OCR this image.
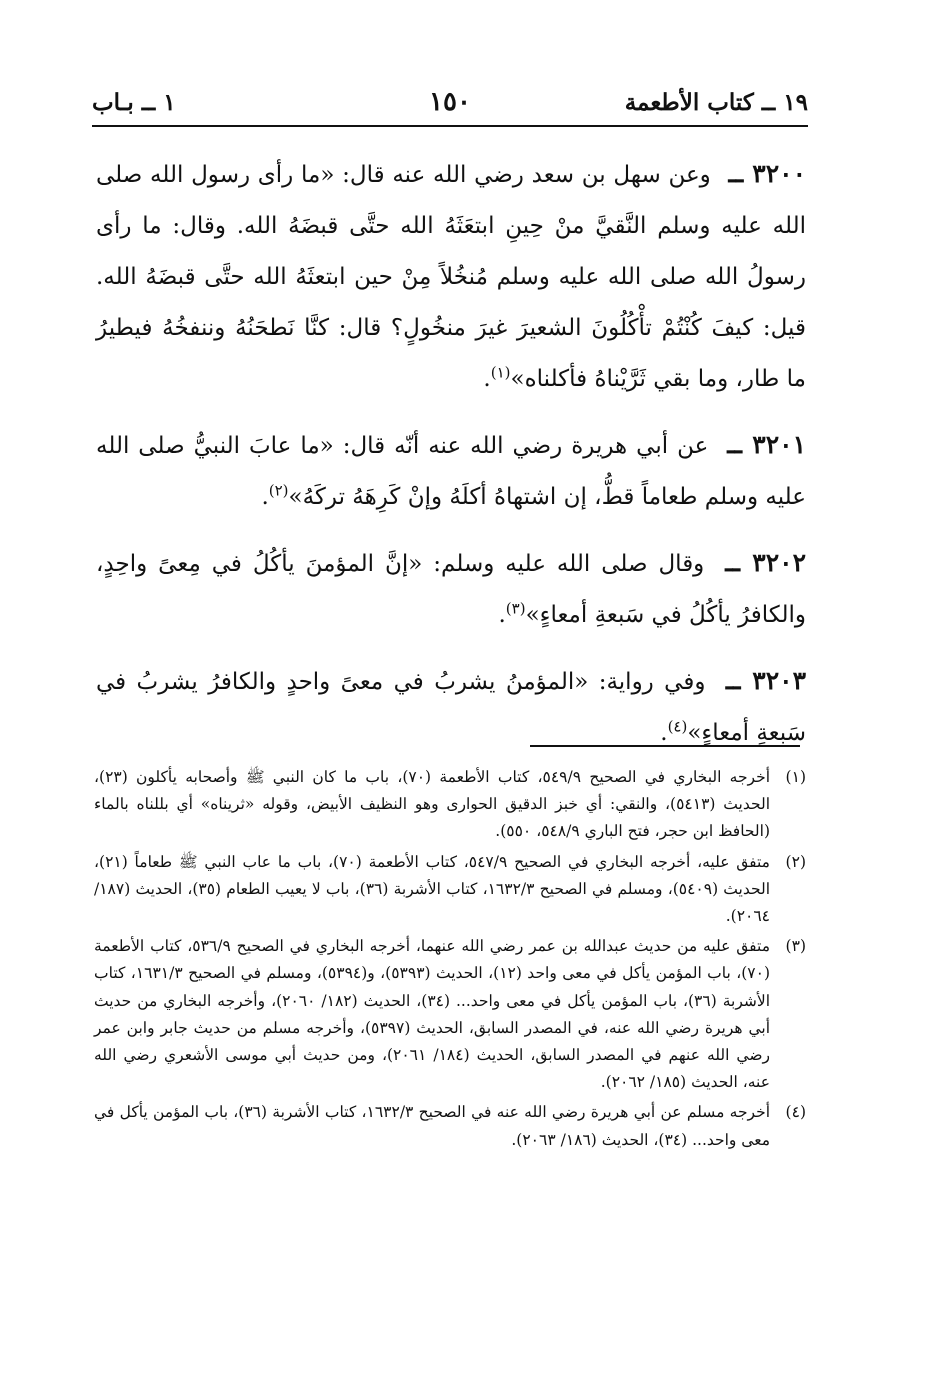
١٩ ــ كتاب الأطعمة
١٥٠
١ ــ بـاب

٣٢٠٠ ــ وعن سهل بن سعد رضي الله عنه قال: «ما رأى رسول الله صلى الله عليه وسلم النَّقيَّ منْ حِينِ ابتعَثَهُ الله حتَّى قبضَهُ الله. وقال: ما رأى رسولُ الله صلى الله عليه وسلم مُنخُلاً مِنْ حين ابتعثَهُ الله حتَّى قبضَهُ الله. قيل: كيفَ كُنْتُمْ تأْكُلُونَ الشعيرَ غيرَ منخُولٍ؟ قال: كنَّا نَطحَنُهُ وننفخُهُ فيطيرُ ما طار، وما بقي ثَرَّيْناهُ فأكلناه»$^{(١)}$.

٣٢٠١ ــ عن أبي هريرة رضي الله عنه أنّه قال: «ما عابَ النبيُّ صلى الله عليه وسلم طعاماً قطُّ، إن اشتهاهُ أكلَهُ وإنْ كَرِهَهُ تركَهُ»$^{(٢)}$.

٣٢٠٢ ــ وقال صلى الله عليه وسلم: «إنَّ المؤمنَ يأكُلُ في مِعىً واحِدٍ، والكافرُ يأكُلُ في سَبعةِ أمعاءٍ»$^{(٣)}$.

٣٢٠٣ ــ وفي رواية: «المؤمنُ يشربُ في معىً واحدٍ والكافرُ يشربُ في سَبعةِ أمعاءٍ»$^{(٤)}$.

(١)
أخرجه البخاري في الصحيح ٥٤٩/٩، كتاب الأطعمة (٧٠)، باب ما كان النبي ﷺ وأصحابه يأكلون (٢٣)، الحديث (٥٤١٣)، والنقي: أي خبز الدقيق الحوارى وهو النظيف الأبيض، وقوله «ثريناه» أي بللناه بالماء (الحافظ ابن حجر، فتح الباري ٥٤٨/٩، ٥٥٠).
(٢)
متفق عليه، أخرجه البخاري في الصحيح ٥٤٧/٩، كتاب الأطعمة (٧٠)، باب ما عاب النبي ﷺ طعاماً (٢١)، الحديث (٥٤٠٩)، ومسلم في الصحيح ١٦٣٢/٣، كتاب الأشربة (٣٦)، باب لا يعيب الطعام (٣٥)، الحديث (١٨٧/ ٢٠٦٤).
(٣)
متفق عليه من حديث عبدالله بن عمر رضي الله عنهما، أخرجه البخاري في الصحيح ٥٣٦/٩، كتاب الأطعمة (٧٠)، باب المؤمن يأكل في معى واحد (١٢)، الحديث (٥٣٩٣)، و(٥٣٩٤)، ومسلم في الصحيح ١٦٣١/٣، كتاب الأشربة (٣٦)، باب المؤمن يأكل في معى واحد... (٣٤)، الحديث (١٨٢/ ٢٠٦٠)، وأخرجه البخاري من حديث أبي هريرة رضي الله عنه، في المصدر السابق، الحديث (٥٣٩٧)، وأخرجه مسلم من حديث جابر وابن عمر رضي الله عنهم في المصدر السابق، الحديث (١٨٤/ ٢٠٦١)، ومن حديث أبي موسى الأشعري رضي الله عنه، الحديث (١٨٥/ ٢٠٦٢).
(٤)
أخرجه مسلم عن أبي هريرة رضي الله عنه في الصحيح ١٦٣٢/٣، كتاب الأشربة (٣٦)، باب المؤمن يأكل في معى واحد... (٣٤)، الحديث (١٨٦/ ٢٠٦٣).
